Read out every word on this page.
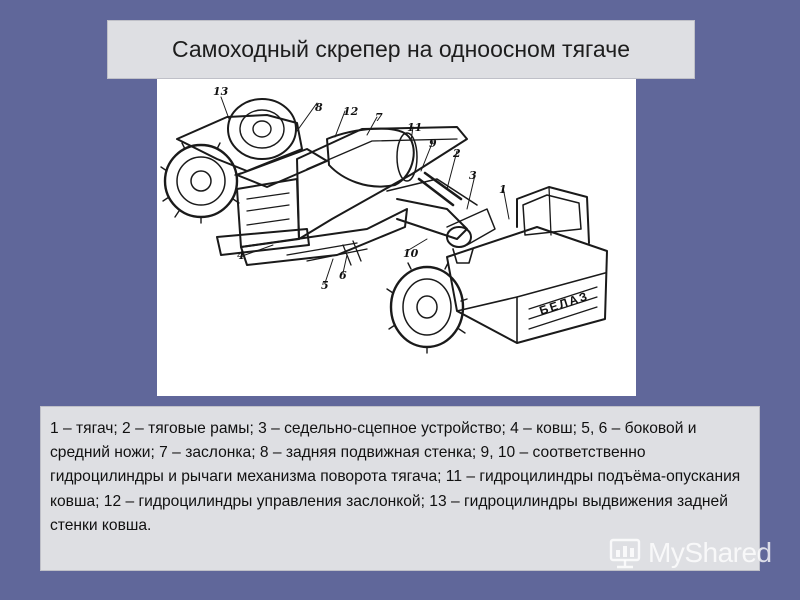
Самоходный скрепер на одноосном тягаче
13
8 12 7
11
9
2
3
1
4	10
5
6
БЕЛАЗ

1 – тягач; 2 – тяговые рамы; 3 – седельно-сцепное устройство; 4 – ковш; 5, 6 – боковой и средний ножи; 7 – заслонка; 8 – задняя подвижная стенка; 9, 10 – соответственно гидроцилиндры и рычаги механизма поворота тягача; 11 – гидроцилиндры подъёма-опускания ковша; 12 – гидроцилиндры управления заслонкой; 13 – гидроцилиндры выдвижения задней стенки ковша.

MyShared
